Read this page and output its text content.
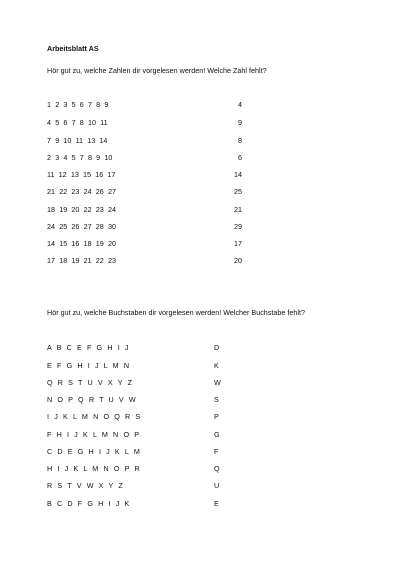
Arbeitsblatt AS
Hör gut zu, welche Zahlen dir vorgelesen werden! Welche Zahl fehlt?
1 2 3 5 6 7 8 9	4
4 5 6 7 8 10 11	9
7 9 10 11 13 14	8
2 3 4 5 7 8 9 10	6
11 12 13 15 16 17	14
21 22 23 24 26 27	25
18 19 20 22 23 24	21
24 25 26 27 28 30	29
14 15 16 18 19 20	17
17 18 19 21 22 23	20
Hör gut zu, welche Buchstaben dir vorgelesen werden! Welcher Buchstabe fehlt?
A B C E F G H I J	D
E F G H I J L M N	K
Q R S T U V X Y Z	W
N O P Q R T U V W	S
I J K L M N O Q R S	P
F H I J K L M N O P	G
C D E G H I J K L M	F
H I J K L M N O P R	Q
R S T V W X Y Z	U
B C D F G H I J K	E
